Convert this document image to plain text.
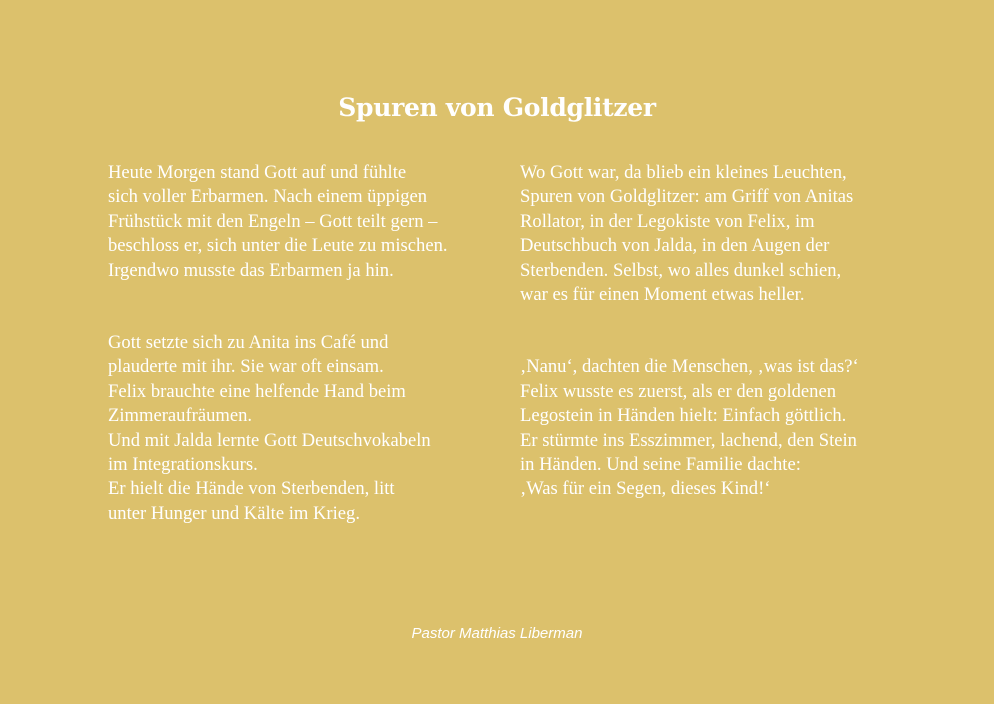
Spuren von Goldglitzer

Heute Morgen stand Gott auf und fühlte
sich voller Erbarmen. Nach einem üppigen
Frühstück mit den Engeln – Gott teilt gern –
beschloss er, sich unter die Leute zu mischen.
Irgendwo musste das Erbarmen ja hin.

Gott setzte sich zu Anita ins Café und
plauderte mit ihr. Sie war oft einsam.
Felix brauchte eine helfende Hand beim
Zimmeraufräumen.
Und mit Jalda lernte Gott Deutschvokabeln
im Integrationskurs.
Er hielt die Hände von Sterbenden, litt
unter Hunger und Kälte im Krieg.

Wo Gott war, da blieb ein kleines Leuchten,
Spuren von Goldglitzer: am Griff von Anitas
Rollator, in der Legokiste von Felix, im
Deutschbuch von Jalda, in den Augen der
Sterbenden. Selbst, wo alles dunkel schien,
war es für einen Moment etwas heller.

‚Nanu‘, dachten die Menschen, ‚was ist das?‘
Felix wusste es zuerst, als er den goldenen
Legostein in Händen hielt: Einfach göttlich.
Er stürmte ins Esszimmer, lachend, den Stein
in Händen. Und seine Familie dachte:
‚Was für ein Segen, dieses Kind!‘

Pastor Matthias Liberman
